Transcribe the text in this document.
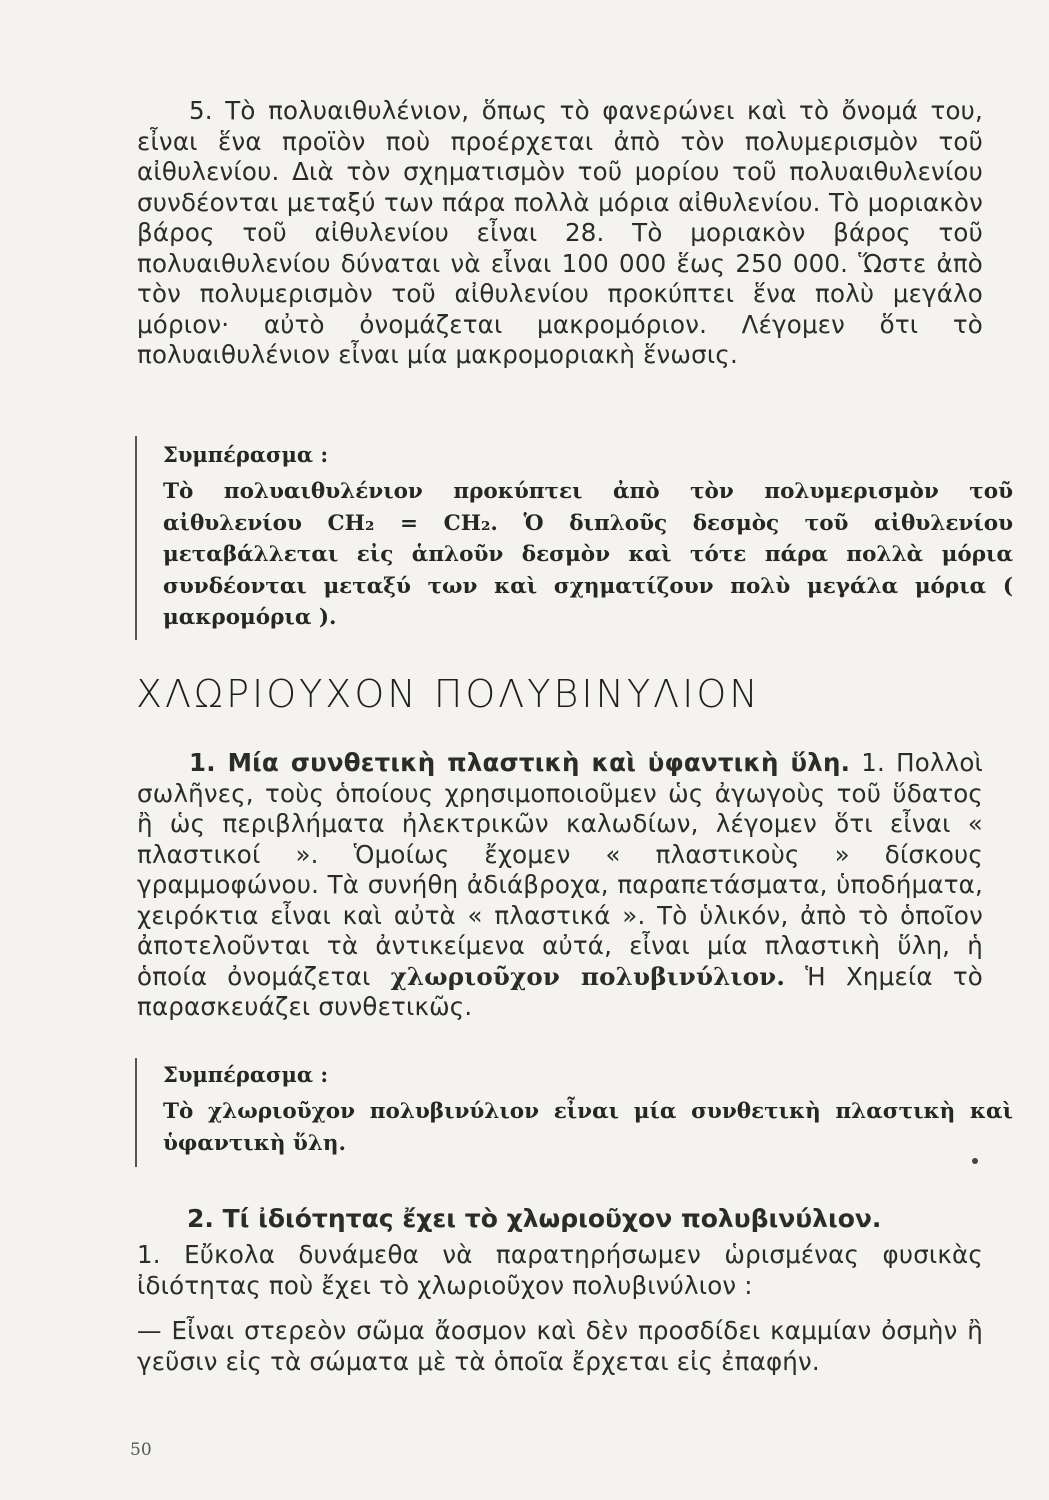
5. Τὸ πολυαιθυλένιον, ὅπως τὸ φανερώνει καὶ τὸ ὄνομά του, εἶναι ἕνα προϊὸν ποὺ προέρχεται ἀπὸ τὸν πολυμερισμὸν τοῦ αἰθυλενίου. Διὰ τὸν σχηματισμὸν τοῦ μορίου τοῦ πολυαιθυλενίου συνδέονται μεταξύ των πάρα πολλὰ μόρια αἰθυλενίου. Τὸ μοριακὸν βάρος τοῦ αἰθυλενίου εἶναι 28. Τὸ μοριακὸν βάρος τοῦ πολυαιθυλενίου δύναται νὰ εἶναι 100 000 ἕως 250 000. Ὥστε ἀπὸ τὸν πολυμερισμὸν τοῦ αἰθυλενίου προκύπτει ἕνα πολὺ μεγάλο μόριον· αὐτὸ ὀνομάζεται μακρομόριον. Λέγομεν ὅτι τὸ πολυαιθυλένιον εἶναι μία μακρομοριακὴ ἕνωσις.

Συμπέρασμα :

Τὸ πολυαιθυλένιον προκύπτει ἀπὸ τὸν πολυμερισμὸν τοῦ αἰθυλενίου CH₂ = CH₂. Ὁ διπλοῦς δεσμὸς τοῦ αἰθυλενίου μεταβάλλεται εἰς ἁπλοῦν δεσμὸν καὶ τότε πάρα πολλὰ μόρια συνδέονται μεταξύ των καὶ σχηματίζουν πολὺ μεγάλα μόρια ( μακρομόρια ).

ΧΛΩΡΙΟΥΧΟΝ ΠΟΛΥΒΙΝΥΛΙΟΝ

1. Μία συνθετικὴ πλαστικὴ καὶ ὑφαντικὴ ὕλη. 1. Πολλοὶ σωλῆνες, τοὺς ὁποίους χρησιμοποιοῦμεν ὡς ἀγωγοὺς τοῦ ὕδατος ἢ ὡς περιβλήματα ἠλεκτρικῶν καλωδίων, λέγομεν ὅτι εἶναι « πλαστικοί ». Ὁμοίως ἔχομεν « πλαστικοὺς » δίσκους γραμμοφώνου. Τὰ συνήθη ἀδιάβροχα, παραπετάσματα, ὑποδήματα, χειρόκτια εἶναι καὶ αὐτὰ « πλαστικά ». Τὸ ὑλικόν, ἀπὸ τὸ ὁποῖον ἀποτελοῦνται τὰ ἀντικείμενα αὐτά, εἶναι μία πλαστικὴ ὕλη, ἡ ὁποία ὀνομάζεται χλωριοῦχον πολυβινύλιον. Ἡ Χημεία τὸ παρασκευάζει συνθετικῶς.

Συμπέρασμα :

Τὸ χλωριοῦχον πολυβινύλιον εἶναι μία συνθετικὴ πλαστικὴ καὶ ὑφαντικὴ ὕλη.

2. Τί ἰδιότητας ἔχει τὸ χλωριοῦχον πολυβινύλιον.

1. Εὔκολα δυνάμεθα νὰ παρατηρήσωμεν ὡρισμένας φυσικὰς ἰδιότητας ποὺ ἔχει τὸ χλωριοῦχον πολυβινύλιον :

— Εἶναι στερεὸν σῶμα ἄοσμον καὶ δὲν προσδίδει καμμίαν ὀσμὴν ἢ γεῦσιν εἰς τὰ σώματα μὲ τὰ ὁποῖα ἔρχεται εἰς ἐπαφήν.

50
